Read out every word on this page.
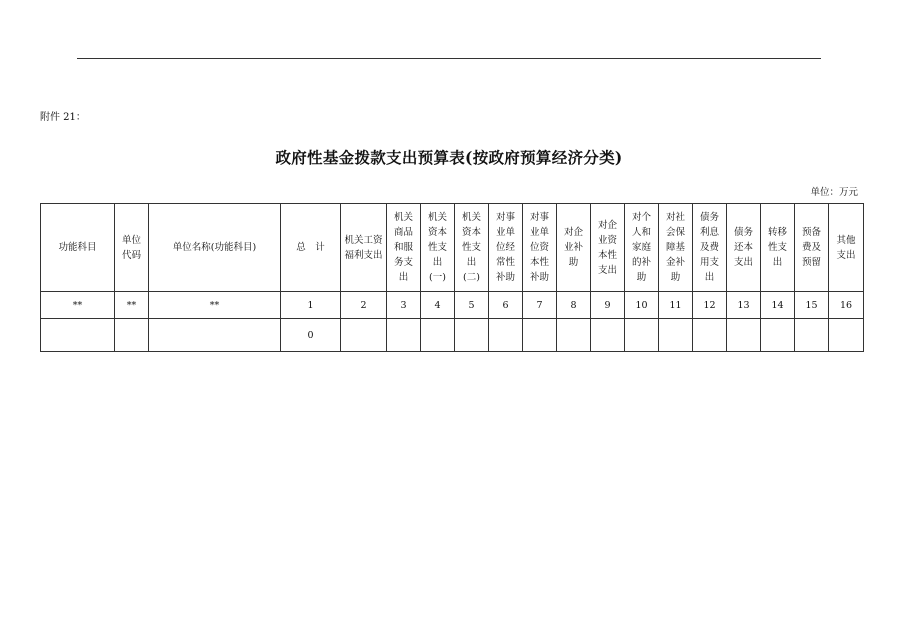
附件 21：
政府性基金拨款支出预算表(按政府预算经济分类)
单位：万元
功能科目	单位代码	单位名称(功能科目)	总　计	机关工资福利支出	机关商品和服务支出	机关资本性支出(一)	机关资本性支出(二)	对事业单位经常性补助	对事业单位资本性补助	对企业补助	对企业资本性支出	对个人和家庭的补助	对社会保障基金补助	债务利息及费用支出	债务还本支出	转移性支出	预备费及预留	其他支出

**	**	**	1	2	3	4	5	6	7	8	9	10	11	12	13	14	15	16
			0															
